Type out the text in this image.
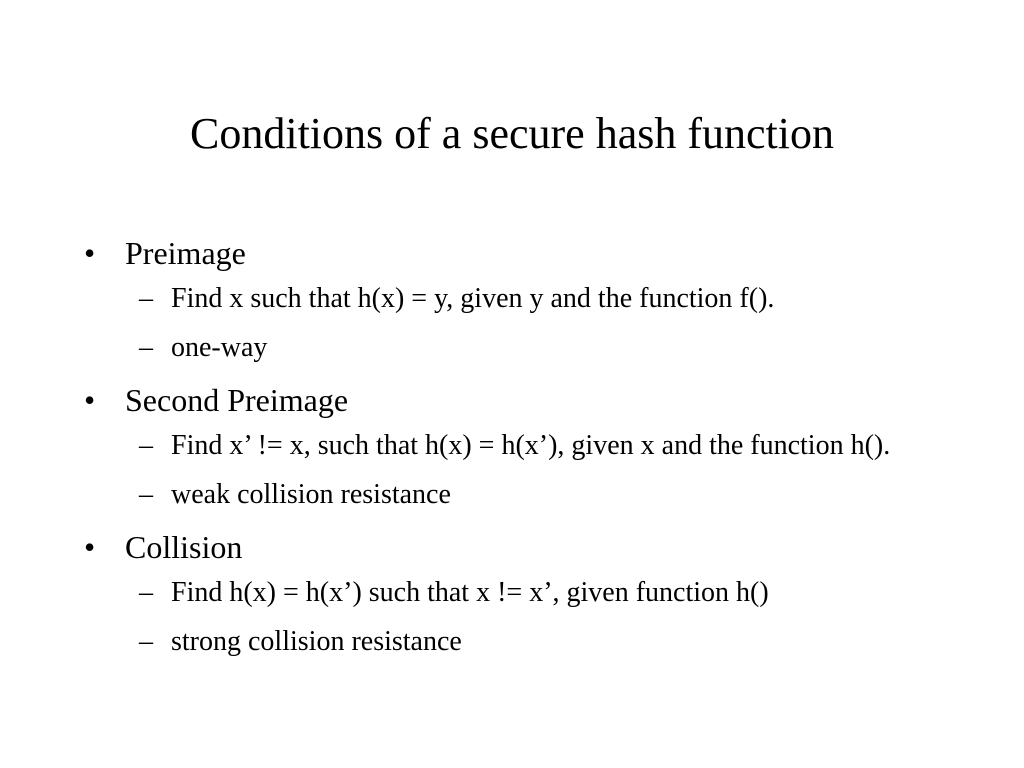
Conditions of a secure hash function
• Preimage
– Find x such that h(x) = y, given y and the function f().
– one-way
• Second Preimage
– Find x’ != x, such that h(x) = h(x’), given x and the function h().
– weak collision resistance
• Collision
– Find h(x) = h(x’) such that x != x’, given function h()
– strong collision resistance
